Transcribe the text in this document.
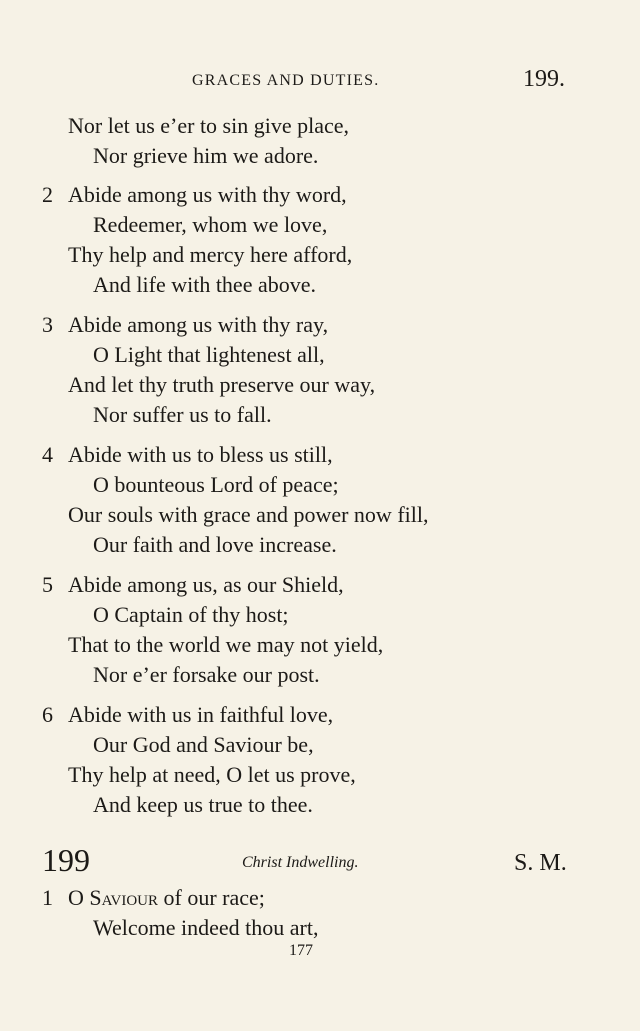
GRACES AND DUTIES.	199.
Nor let us e’er to sin give place,
Nor grieve him we adore.
2 Abide among us with thy word,
Redeemer, whom we love,
Thy help and mercy here afford,
And life with thee above.
3 Abide among us with thy ray,
O Light that lightenest all,
And let thy truth preserve our way,
Nor suffer us to fall.
4 Abide with us to bless us still,
O bounteous Lord of peace;
Our souls with grace and power now fill,
Our faith and love increase.
5 Abide among us, as our Shield,
O Captain of thy host;
That to the world we may not yield,
Nor e’er forsake our post.
6 Abide with us in faithful love,
Our God and Saviour be,
Thy help at need, O let us prove,
And keep us true to thee.
199	Christ Indwelling.	S. M.
1 O Saviour of our race;
Welcome indeed thou art,
177
